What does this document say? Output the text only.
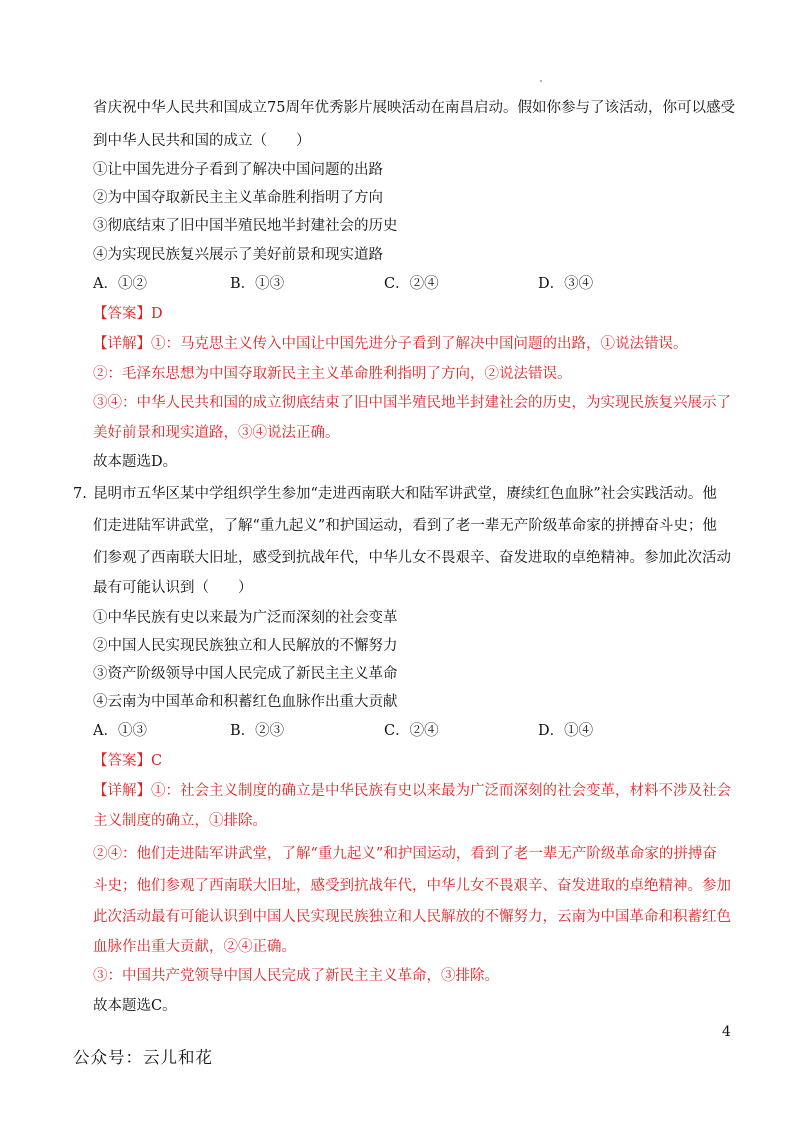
省庆祝中华人民共和国成立75周年优秀影片展映活动在南昌启动。假如你参与了该活动，你可以感受
到中华人民共和国的成立（　　）
①让中国先进分子看到了解决中国问题的出路
②为中国夺取新民主主义革命胜利指明了方向
③彻底结束了旧中国半殖民地半封建社会的历史
④为实现民族复兴展示了美好前景和现实道路
A．①②	B．①③	C．②④	D．③④
【答案】D
【详解】①：马克思主义传入中国让中国先进分子看到了解决中国问题的出路，①说法错误。
②：毛泽东思想为中国夺取新民主主义革命胜利指明了方向，②说法错误。
③④：中华人民共和国的成立彻底结束了旧中国半殖民地半封建社会的历史，为实现民族复兴展示了
美好前景和现实道路，③④说法正确。
故本题选D。
7. 昆明市五华区某中学组织学生参加“走进西南联大和陆军讲武堂，赓续红色血脉”社会实践活动。他
们走进陆军讲武堂，了解“重九起义”和护国运动，看到了老一辈无产阶级革命家的拼搏奋斗史；他
们参观了西南联大旧址，感受到抗战年代，中华儿女不畏艰辛、奋发进取的卓绝精神。参加此次活动
最有可能认识到（　　）
①中华民族有史以来最为广泛而深刻的社会变革
②中国人民实现民族独立和人民解放的不懈努力
③资产阶级领导中国人民完成了新民主主义革命
④云南为中国革命和积蓄红色血脉作出重大贡献
A．①③	B．②③	C．②④	D．①④
【答案】C
【详解】①：社会主义制度的确立是中华民族有史以来最为广泛而深刻的社会变革，材料不涉及社会
主义制度的确立，①排除。
②④：他们走进陆军讲武堂，了解“重九起义”和护国运动，看到了老一辈无产阶级革命家的拼搏奋
斗史；他们参观了西南联大旧址，感受到抗战年代，中华儿女不畏艰辛、奋发进取的卓绝精神。参加
此次活动最有可能认识到中国人民实现民族独立和人民解放的不懈努力，云南为中国革命和积蓄红色
血脉作出重大贡献，②④正确。
③：中国共产党领导中国人民完成了新民主主义革命，③排除。
故本题选C。
4
公众号：云儿和花
